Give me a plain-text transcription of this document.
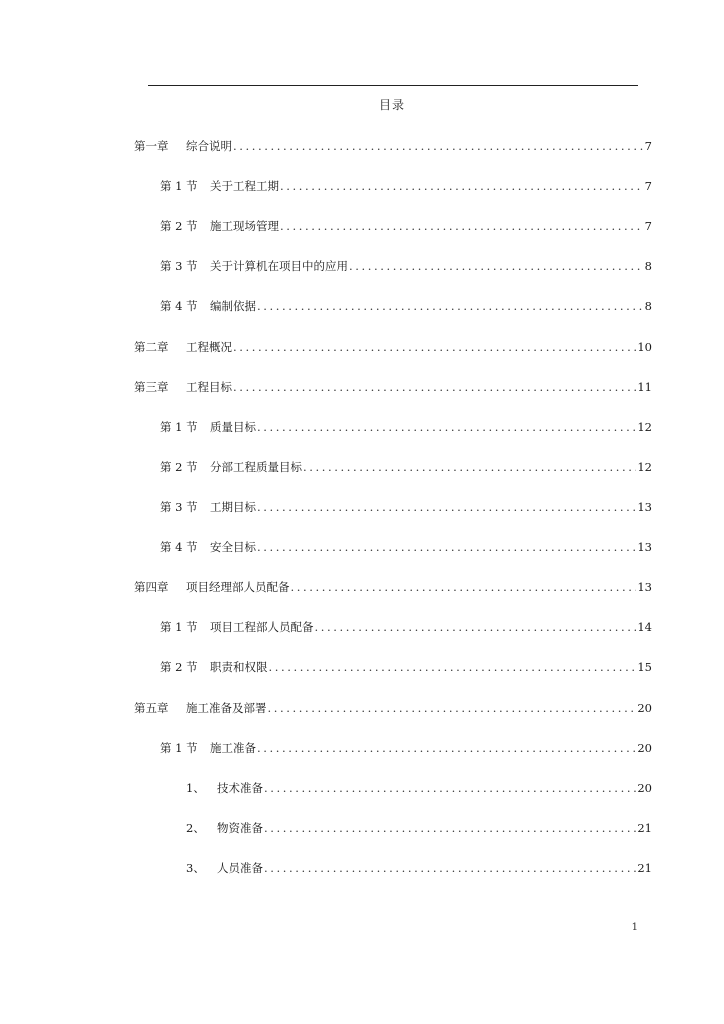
目录
第一章	综合说明 .....	7
第 1 节	关于工程工期 .....	7
第 2 节	施工现场管理 .....	7
第 3 节	关于计算机在项目中的应用 .....	8
第 4 节	编制依据 .....	8
第二章	工程概况 .....	10
第三章	工程目标 .....	11
第 1 节	质量目标 .....	12
第 2 节	分部工程质量目标 .....	12
第 3 节	工期目标 .....	13
第 4 节	安全目标 .....	13
第四章	项目经理部人员配备 .....	13
第 1 节	项目工程部人员配备 .....	14
第 2 节	职责和权限 .....	15
第五章	施工准备及部署 .....	20
第 1 节	施工准备 .....	20
1、	技术准备 .....	20
2、	物资准备 .....	21
3、	人员准备 .....	21
1
